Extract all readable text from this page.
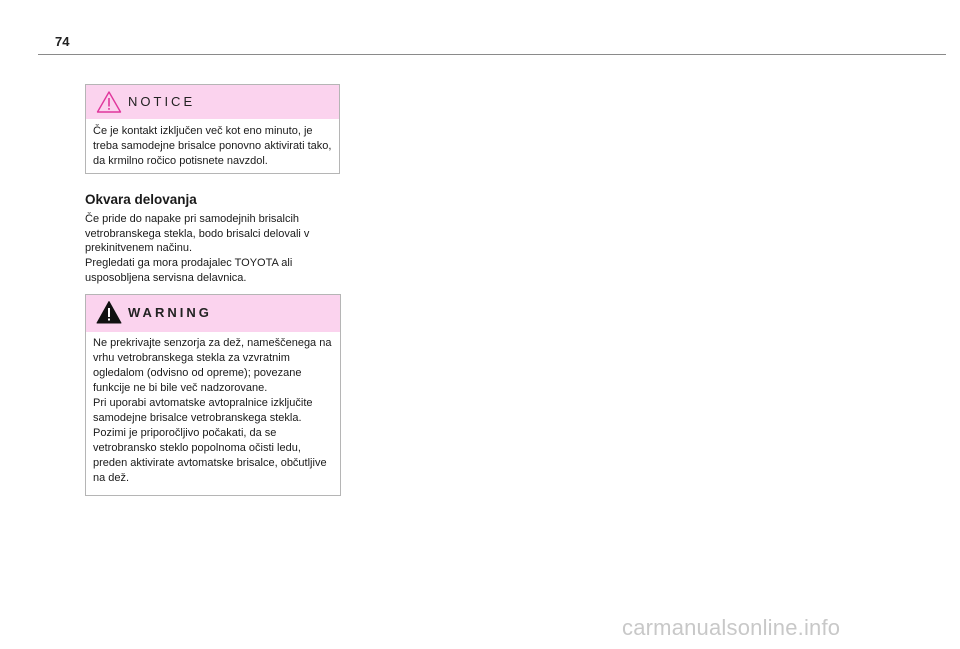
74
NOTICE
Če je kontakt izključen več kot eno minuto, je treba samodejne brisalce ponovno aktivirati tako, da krmilno ročico potisnete navzdol.
Okvara delovanja
Če pride do napake pri samodejnih brisalcih vetrobranskega stekla, bodo brisalci delovali v prekinitvenem načinu.
Pregledati ga mora prodajalec TOYOTA ali usposobljena servisna delavnica.
WARNING
Ne prekrivajte senzorja za dež, nameščenega na vrhu vetrobranskega stekla za vzvratnim ogledalom (odvisno od opreme); povezane funkcije ne bi bile več nadzorovane.
Pri uporabi avtomatske avtopralnice izključite samodejne brisalce vetrobranskega stekla.
Pozimi je priporočljivo počakati, da se vetrobransko steklo popolnoma očisti ledu, preden aktivirate avtomatske brisalce, občutljive na dež.
carmanualsonline.info
